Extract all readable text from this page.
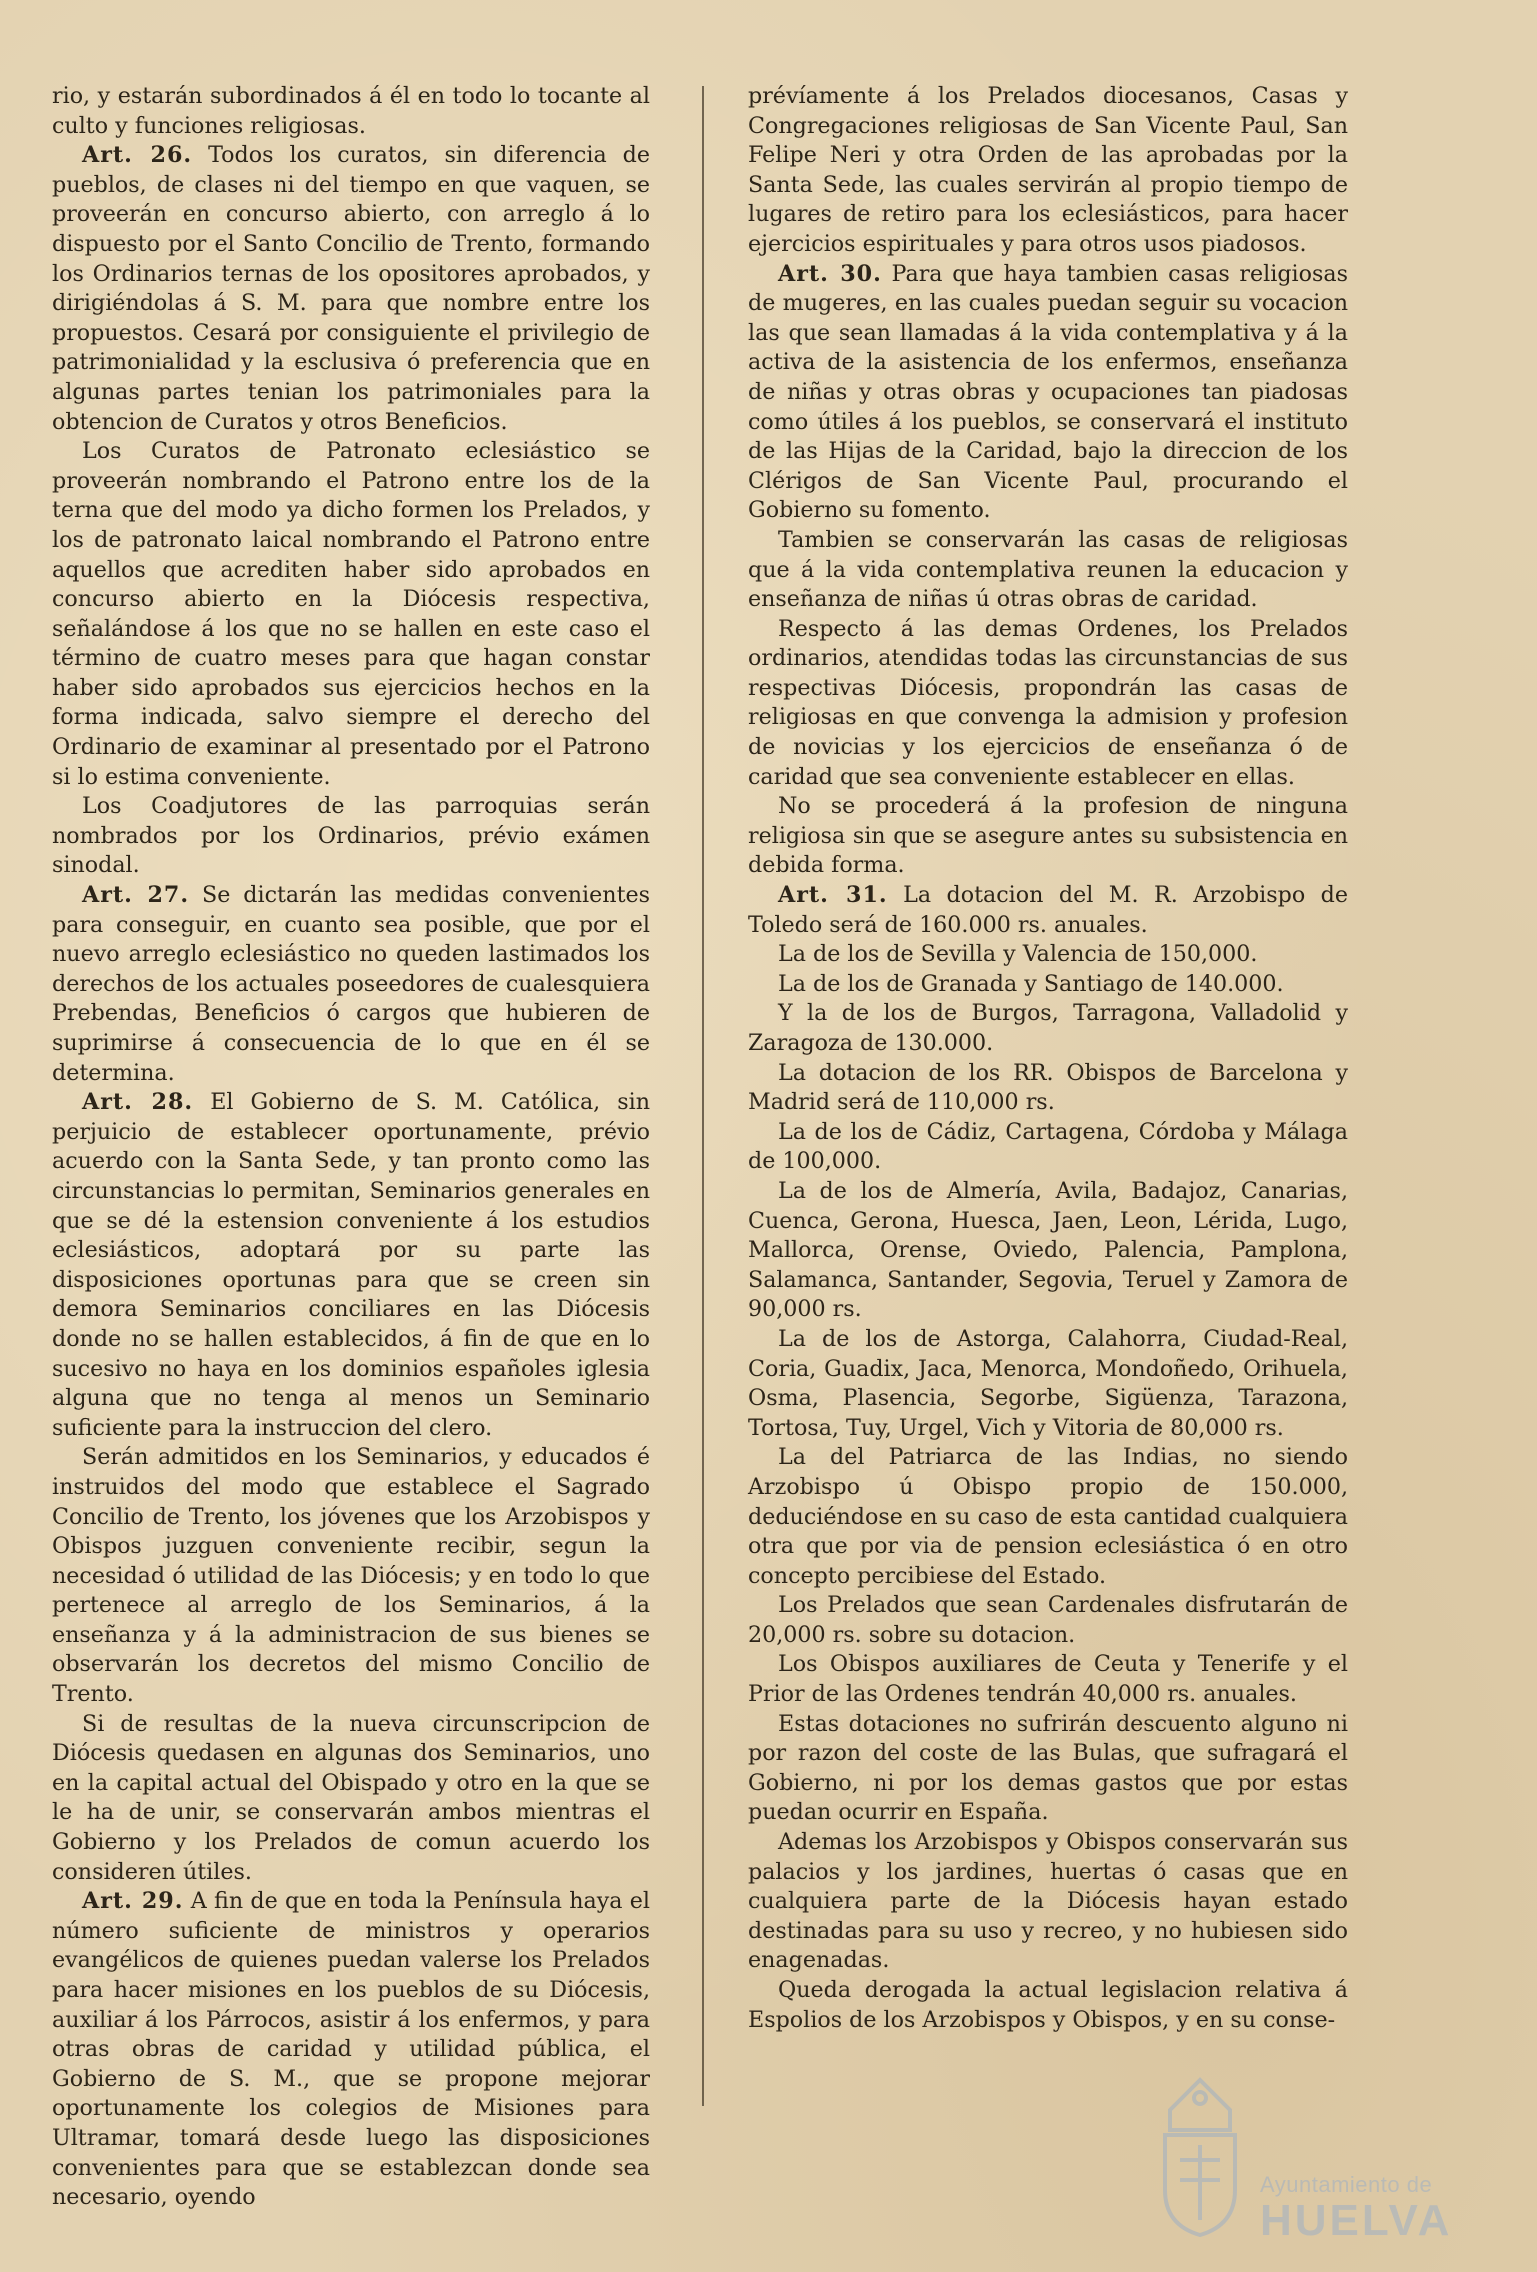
rio, y estarán subordinados á él en todo lo tocante al culto y funciones religiosas.

Art. 26. Todos los curatos, sin diferencia de pueblos, de clases ni del tiempo en que vaquen, se proveerán en concurso abierto, con arreglo á lo dispuesto por el Santo Concilio de Trento, formando los Ordinarios ternas de los opositores aprobados, y dirigiéndolas á S. M. para que nombre entre los propuestos. Cesará por consiguiente el privilegio de patrimonialidad y la esclusiva ó preferencia que en algunas partes tenian los patrimoniales para la obtencion de Curatos y otros Beneficios.

Los Curatos de Patronato eclesiástico se proveerán nombrando el Patrono entre los de la terna que del modo ya dicho formen los Prelados, y los de patronato laical nombrando el Patrono entre aquellos que acrediten haber sido aprobados en concurso abierto en la Diócesis respectiva, señalándose á los que no se hallen en este caso el término de cuatro meses para que hagan constar haber sido aprobados sus ejercicios hechos en la forma indicada, salvo siempre el derecho del Ordinario de examinar al presentado por el Patrono si lo estima conveniente.

Los Coadjutores de las parroquias serán nombrados por los Ordinarios, prévio exámen sinodal.

Art. 27. Se dictarán las medidas convenientes para conseguir, en cuanto sea posible, que por el nuevo arreglo eclesiástico no queden lastimados los derechos de los actuales poseedores de cualesquiera Prebendas, Beneficios ó cargos que hubieren de suprimirse á consecuencia de lo que en él se determina.

Art. 28. El Gobierno de S. M. Católica, sin perjuicio de establecer oportunamente, prévio acuerdo con la Santa Sede, y tan pronto como las circunstancias lo permitan, Seminarios generales en que se dé la estension conveniente á los estudios eclesiásticos, adoptará por su parte las disposiciones oportunas para que se creen sin demora Seminarios conciliares en las Diócesis donde no se hallen establecidos, á fin de que en lo sucesivo no haya en los dominios españoles iglesia alguna que no tenga al menos un Seminario suficiente para la instruccion del clero.

Serán admitidos en los Seminarios, y educados é instruidos del modo que establece el Sagrado Concilio de Trento, los jóvenes que los Arzobispos y Obispos juzguen conveniente recibir, segun la necesidad ó utilidad de las Diócesis; y en todo lo que pertenece al arreglo de los Seminarios, á la enseñanza y á la administracion de sus bienes se observarán los decretos del mismo Concilio de Trento.

Si de resultas de la nueva circunscripcion de Diócesis quedasen en algunas dos Seminarios, uno en la capital actual del Obispado y otro en la que se le ha de unir, se conservarán ambos mientras el Gobierno y los Prelados de comun acuerdo los consideren útiles.

Art. 29. A fin de que en toda la Península haya el número suficiente de ministros y operarios evangélicos de quienes puedan valerse los Prelados para hacer misiones en los pueblos de su Diócesis, auxiliar á los Párrocos, asistir á los enfermos, y para otras obras de caridad y utilidad pública, el Gobierno de S. M., que se propone mejorar oportunamente los colegios de Misiones para Ultramar, tomará desde luego las disposiciones convenientes para que se establezcan donde sea necesario, oyendo

prévíamente á los Prelados diocesanos, Casas y Congregaciones religiosas de San Vicente Paul, San Felipe Neri y otra Orden de las aprobadas por la Santa Sede, las cuales servirán al propio tiempo de lugares de retiro para los eclesiásticos, para hacer ejercicios espirituales y para otros usos piadosos.

Art. 30. Para que haya tambien casas religiosas de mugeres, en las cuales puedan seguir su vocacion las que sean llamadas á la vida contemplativa y á la activa de la asistencia de los enfermos, enseñanza de niñas y otras obras y ocupaciones tan piadosas como útiles á los pueblos, se conservará el instituto de las Hijas de la Caridad, bajo la direccion de los Clérigos de San Vicente Paul, procurando el Gobierno su fomento.

Tambien se conservarán las casas de religiosas que á la vida contemplativa reunen la educacion y enseñanza de niñas ú otras obras de caridad.

Respecto á las demas Ordenes, los Prelados ordinarios, atendidas todas las circunstancias de sus respectivas Diócesis, propondrán las casas de religiosas en que convenga la admision y profesion de novicias y los ejercicios de enseñanza ó de caridad que sea conveniente establecer en ellas.

No se procederá á la profesion de ninguna religiosa sin que se asegure antes su subsistencia en debida forma.

Art. 31. La dotacion del M. R. Arzobispo de Toledo será de 160.000 rs. anuales.

La de los de Sevilla y Valencia de 150,000.

La de los de Granada y Santiago de 140.000.

Y la de los de Burgos, Tarragona, Valladolid y Zaragoza de 130.000.

La dotacion de los RR. Obispos de Barcelona y Madrid será de 110,000 rs.

La de los de Cádiz, Cartagena, Córdoba y Málaga de 100,000.

La de los de Almería, Avila, Badajoz, Canarias, Cuenca, Gerona, Huesca, Jaen, Leon, Lérida, Lugo, Mallorca, Orense, Oviedo, Palencia, Pamplona, Salamanca, Santander, Segovia, Teruel y Zamora de 90,000 rs.

La de los de Astorga, Calahorra, Ciudad-Real, Coria, Guadix, Jaca, Menorca, Mondoñedo, Orihuela, Osma, Plasencia, Segorbe, Sigüenza, Tarazona, Tortosa, Tuy, Urgel, Vich y Vitoria de 80,000 rs.

La del Patriarca de las Indias, no siendo Arzobispo ú Obispo propio de 150.000, deduciéndose en su caso de esta cantidad cualquiera otra que por via de pension eclesiástica ó en otro concepto percibiese del Estado.

Los Prelados que sean Cardenales disfrutarán de 20,000 rs. sobre su dotacion.

Los Obispos auxiliares de Ceuta y Tenerife y el Prior de las Ordenes tendrán 40,000 rs. anuales.

Estas dotaciones no sufrirán descuento alguno ni por razon del coste de las Bulas, que sufragará el Gobierno, ni por los demas gastos que por estas puedan ocurrir en España.

Ademas los Arzobispos y Obispos conservarán sus palacios y los jardines, huertas ó casas que en cualquiera parte de la Diócesis hayan estado destinadas para su uso y recreo, y no hubiesen sido enagenadas.

Queda derogada la actual legislacion relativa á Espolios de los Arzobispos y Obispos, y en su conse-

Ayuntamiento de
HUELVA
